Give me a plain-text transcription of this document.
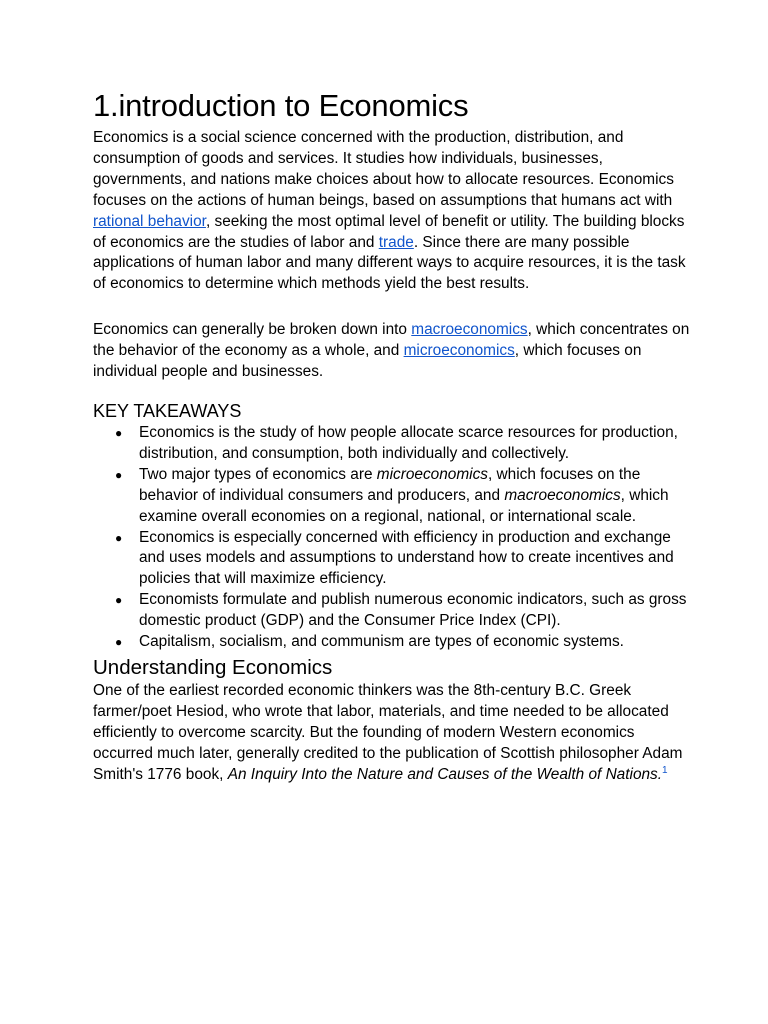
1.introduction to Economics

Economics is a social science concerned with the production, distribution, and consumption of goods and services. It studies how individuals, businesses, governments, and nations make choices about how to allocate resources. Economics focuses on the actions of human beings, based on assumptions that humans act with rational behavior, seeking the most optimal level of benefit or utility. The building blocks of economics are the studies of labor and trade. Since there are many possible applications of human labor and many different ways to acquire resources, it is the task of economics to determine which methods yield the best results.

Economics can generally be broken down into macroeconomics, which concentrates on the behavior of the economy as a whole, and microeconomics, which focuses on individual people and businesses.

KEY TAKEAWAYS
● Economics is the study of how people allocate scarce resources for production, distribution, and consumption, both individually and collectively.
● Two major types of economics are microeconomics, which focuses on the behavior of individual consumers and producers, and macroeconomics, which examine overall economies on a regional, national, or international scale.
● Economics is especially concerned with efficiency in production and exchange and uses models and assumptions to understand how to create incentives and policies that will maximize efficiency.
● Economists formulate and publish numerous economic indicators, such as gross domestic product (GDP) and the Consumer Price Index (CPI).
● Capitalism, socialism, and communism are types of economic systems.
Understanding Economics

One of the earliest recorded economic thinkers was the 8th-century B.C. Greek farmer/poet Hesiod, who wrote that labor, materials, and time needed to be allocated efficiently to overcome scarcity. But the founding of modern Western economics occurred much later, generally credited to the publication of Scottish philosopher Adam Smith's 1776 book, An Inquiry Into the Nature and Causes of the Wealth of Nations.$^1$
